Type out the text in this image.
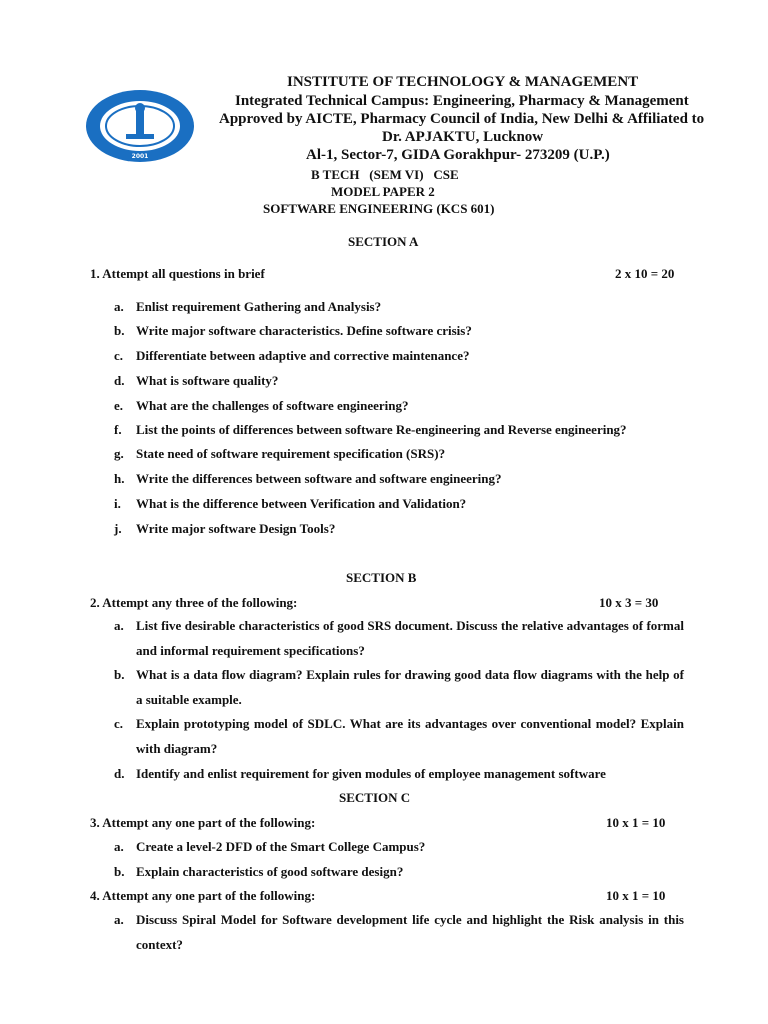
2001
INSTITUTE OF TECHNOLOGY & MANAGEMENT
Integrated Technical Campus: Engineering, Pharmacy & Management
Approved by AICTE, Pharmacy Council of India, New Delhi & Affiliated to
Dr. APJAKTU, Lucknow
Al-1, Sector-7, GIDA Gorakhpur- 273209 (U.P.)
B TECH   (SEM VI)   CSE
MODEL PAPER 2
SOFTWARE ENGINEERING (KCS 601)
SECTION A
1. Attempt all questions in brief	2 x 10 = 20
a. Enlist requirement Gathering and Analysis?
b. Write major software characteristics. Define software crisis?
c. Differentiate between adaptive and corrective maintenance?
d. What is software quality?
e. What are the challenges of software engineering?
f. List the points of differences between software Re-engineering and Reverse engineering?
g. State need of software requirement specification (SRS)?
h. Write the differences between software and software engineering?
i. What is the difference between Verification and Validation?
j. Write major software Design Tools?
SECTION B
2. Attempt any three of the following:	10 x 3 = 30
a. List five desirable characteristics of good SRS document. Discuss the relative advantages of formal and informal requirement specifications?
b. What is a data flow diagram? Explain rules for drawing good data flow diagrams with the help of a suitable example.
c. Explain prototyping model of SDLC. What are its advantages over conventional model? Explain with diagram?
d. Identify and enlist requirement for given modules of employee management software
SECTION C
3. Attempt any one part of the following:	10 x 1 = 10
a. Create a level-2 DFD of the Smart College Campus?
b. Explain characteristics of good software design?
4. Attempt any one part of the following:	10 x 1 = 10
a. Discuss Spiral Model for Software development life cycle and highlight the Risk analysis in this context?
